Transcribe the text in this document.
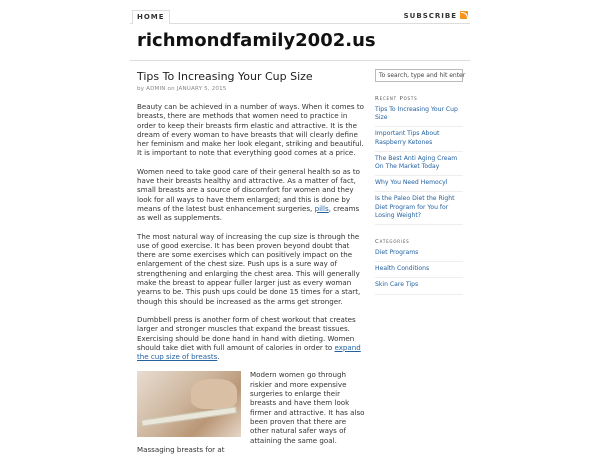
HOME	SUBSCRIBE
richmondfamily2002.us
Tips To Increasing Your Cup Size
by ADMIN on JANUARY 5, 2015

Beauty can be achieved in a number of ways. When it comes to breasts, there are methods that women need to practice in order to keep their breasts firm elastic and attractive. It is the dream of every woman to have breasts that will clearly define her feminism and make her look elegant, striking and beautiful. It is important to note that everything good comes at a price.

Women need to take good care of their general health so as to have their breasts healthy and attractive. As a matter of fact, small breasts are a source of discomfort for women and they look for all ways to have them enlarged; and this is done by means of the latest bust enhancement surgeries, pills, creams as well as supplements.

The most natural way of increasing the cup size is through the use of good exercise. It has been proven beyond doubt that there are some exercises which can positively impact on the enlargement of the chest size. Push ups is a sure way of strengthening and enlarging the chest area. This will generally make the breast to appear fuller larger just as every woman yearns to be. This push ups could be done 15 times for a start, though this should be increased as the arms get stronger.

Dumbbell press is another form of chest workout that creates larger and stronger muscles that expand the breast tissues. Exercising should be done hand in hand with dieting. Women should take diet with full amount of calories in order to expand the cup size of breasts.

Modern women go through riskier and more expensive surgeries to enlarge their breasts and have them look firmer and attractive. It has also been proven that there are other natural safer ways of attaining the same goal. Massaging breasts for at

To search, type and hit enter
Recent Posts
Tips To Increasing Your Cup Size
Important Tips About Raspberry Ketones
The Best Anti Aging Cream On The Market Today
Why You Need Hemocyl
Is the Paleo Diet the Right Diet Program for You for Losing Weight?
Categories
Diet Programs
Health Conditions
Skin Care Tips
